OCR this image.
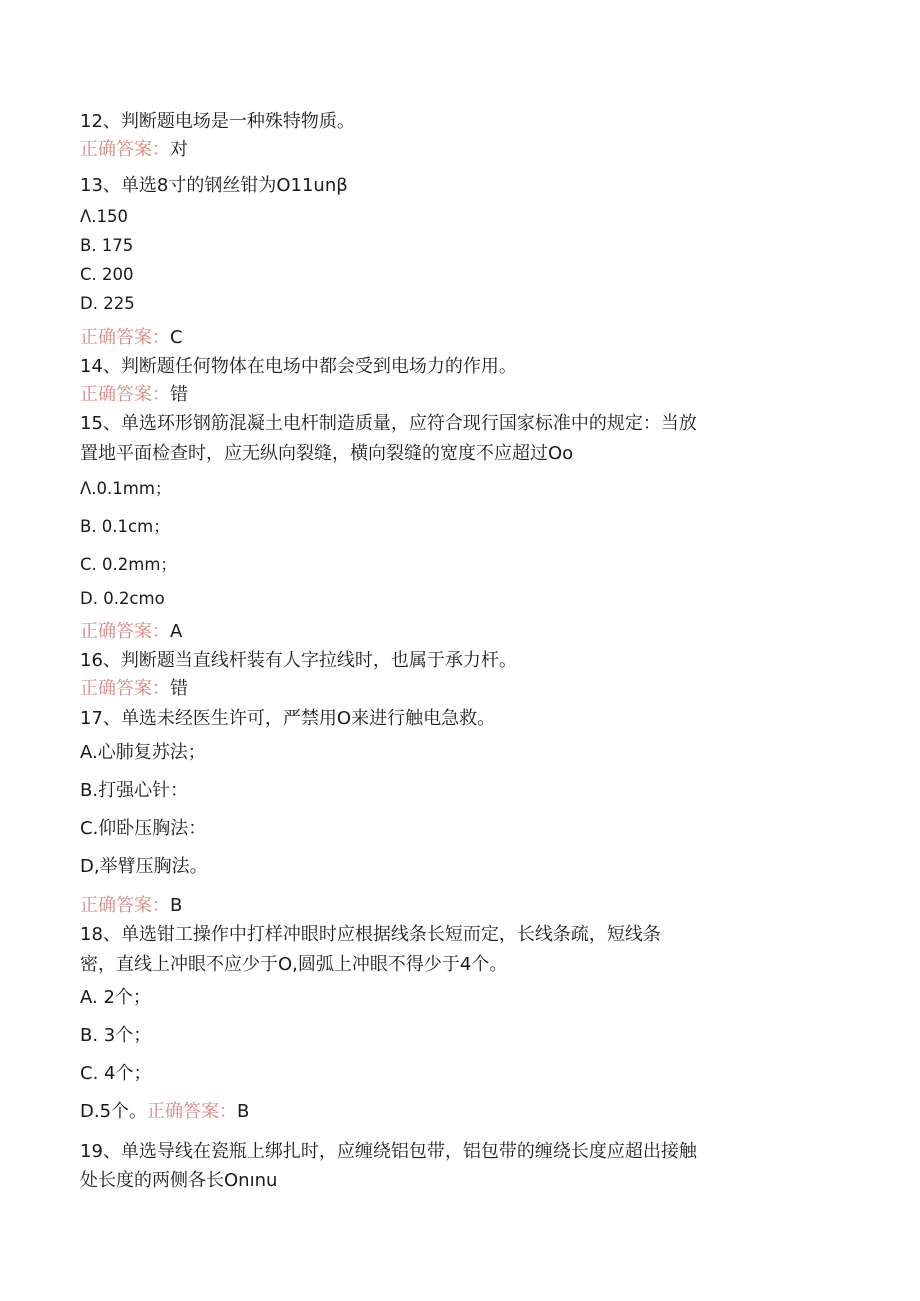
12、判断题电场是一种殊特物质。
正确答案：对
13、单选8寸的钢丝钳为O11unβ
Λ.150
B. 175
C. 200
D. 225
正确答案：C
14、判断题任何物体在电场中都会受到电场力的作用。
正确答案：错
15、单选环形钢筋混凝土电杆制造质量，应符合现行国家标准中的规定：当放
置地平面检查时，应无纵向裂缝，横向裂缝的宽度不应超过Oo
Λ.0.1mm；
B. 0.1cm；
C. 0.2mm；
D. 0.2cmo
正确答案：A
16、判断题当直线杆装有人字拉线时，也属于承力杆。
正确答案：错
17、单选未经医生许可，严禁用O来进行触电急救。
A.心肺复苏法；
B.打强心针：
C.仰卧压胸法：
D,举臂压胸法。
正确答案：B
18、单选钳工操作中打样冲眼时应根据线条长短而定，长线条疏，短线条
密，直线上冲眼不应少于O,圆弧上冲眼不得少于4个。
A. 2个；
B. 3个；
C. 4个；
D.5个。正确答案：B
19、单选导线在瓷瓶上绑扎时，应缠绕铝包带，铝包带的缠绕长度应超出接触
处长度的两侧各长Onınu
